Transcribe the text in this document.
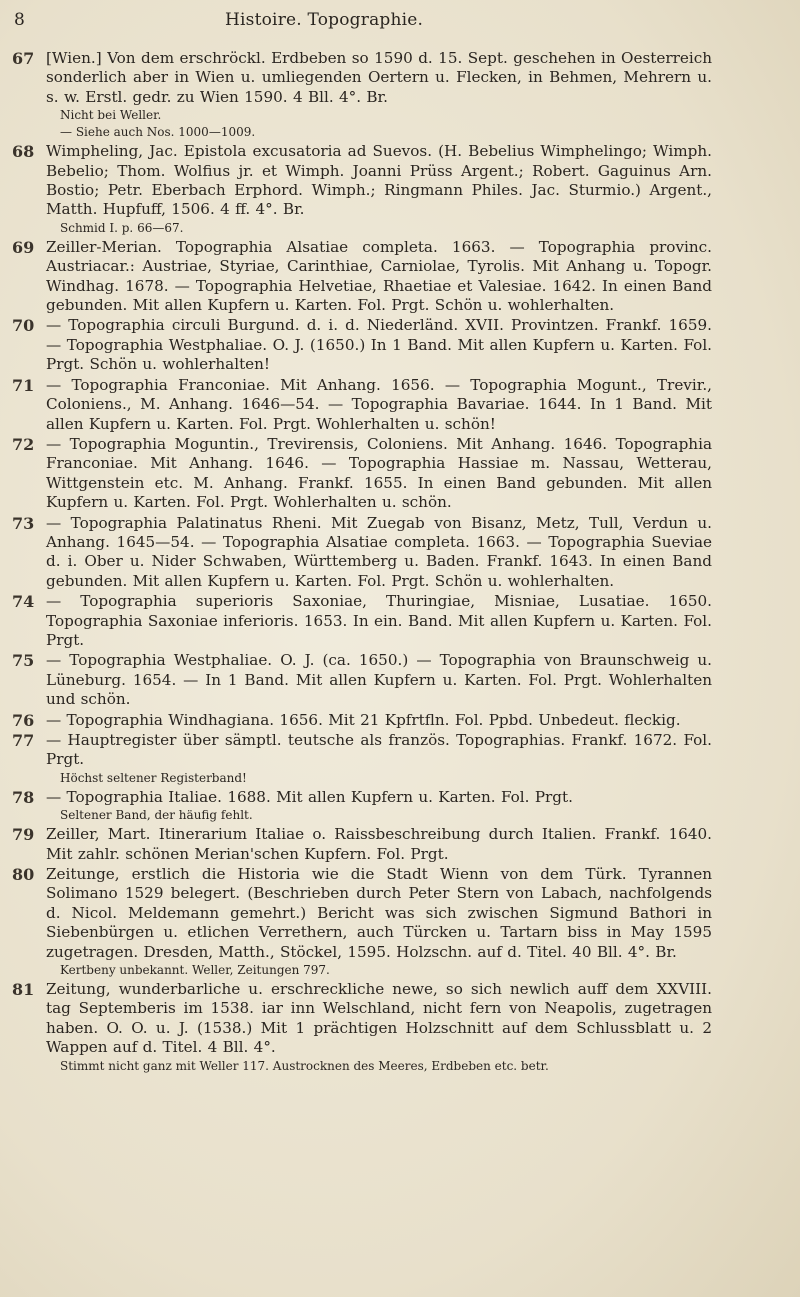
8	Histoire. Topographie.
67 [Wien.] Von dem erschröckl. Erdbeben so 1590 d. 15. Sept. geschehen in Oesterreich sonderlich aber in Wien u. umliegenden Oertern u. Flecken, in Behmen, Mehrern u. s. w. Erstl. gedr. zu Wien 1590. 4 Bll. 4°. Br.

Nicht bei Weller.
— Siehe auch Nos. 1000—1009.
68 Wimpheling, Jac. Epistola excusatoria ad Suevos. (H. Bebelius Wimphelingo; Wimph. Bebelio; Thom. Wolfius jr. et Wimph. Joanni Prüss Argent.; Robert. Gaguinus Arn. Bostio; Petr. Eberbach Erphord. Wimph.; Ringmann Philes. Jac. Sturmio.) Argent., Matth. Hupfuff, 1506. 4 ff. 4°. Br.

Schmid I. p. 66—67.
69 Zeiller-Merian. Topographia Alsatiae completa. 1663. — Topographia provinc. Austriacar.: Austriae, Styriae, Carinthiae, Carniolae, Tyrolis. Mit Anhang u. Topogr. Windhag. 1678. — Topographia Helvetiae, Rhaetiae et Valesiae. 1642. In einen Band gebunden. Mit allen Kupfern u. Karten. Fol. Prgt. Schön u. wohlerhalten.

70 — Topographia circuli Burgund. d. i. d. Niederländ. XVII. Provintzen. Frankf. 1659. — Topographia Westphaliae. O. J. (1650.) In 1 Band. Mit allen Kupfern u. Karten. Fol. Prgt. Schön u. wohlerhalten!

71 — Topographia Franconiae. Mit Anhang. 1656. — Topographia Mogunt., Trevir., Coloniens., M. Anhang. 1646—54. — Topographia Bavariae. 1644. In 1 Band. Mit allen Kupfern u. Karten. Fol. Prgt. Wohlerhalten u. schön!

72 — Topographia Moguntin., Trevirensis, Coloniens. Mit Anhang. 1646. Topographia Franconiae. Mit Anhang. 1646. — Topographia Hassiae m. Nassau, Wetterau, Wittgenstein etc. M. Anhang. Frankf. 1655. In einen Band gebunden. Mit allen Kupfern u. Karten. Fol. Prgt. Wohlerhalten u. schön.

73 — Topographia Palatinatus Rheni. Mit Zuegab von Bisanz, Metz, Tull, Verdun u. Anhang. 1645—54. — Topographia Alsatiae completa. 1663. — Topographia Sueviae d. i. Ober u. Nider Schwaben, Württemberg u. Baden. Frankf. 1643. In einen Band gebunden. Mit allen Kupfern u. Karten. Fol. Prgt. Schön u. wohlerhalten.

74 — Topographia superioris Saxoniae, Thuringiae, Misniae, Lusatiae. 1650. Topographia Saxoniae inferioris. 1653. In ein. Band. Mit allen Kupfern u. Karten. Fol. Prgt.

75 — Topographia Westphaliae. O. J. (ca. 1650.) — Topographia von Braunschweig u. Lüneburg. 1654. — In 1 Band. Mit allen Kupfern u. Karten. Fol. Prgt. Wohlerhalten und schön.

76 — Topographia Windhagiana. 1656. Mit 21 Kpfrtfln. Fol. Ppbd. Unbedeut. fleckig.

77 — Hauptregister über sämptl. teutsche als französ. Topographias. Frankf. 1672. Fol. Prgt.

Höchst seltener Registerband!
78 — Topographia Italiae. 1688. Mit allen Kupfern u. Karten. Fol. Prgt.

Seltener Band, der häufig fehlt.
79 Zeiller, Mart. Itinerarium Italiae o. Raissbeschreibung durch Italien. Frankf. 1640. Mit zahlr. schönen Merian'schen Kupfern. Fol. Prgt.

80 Zeitunge, erstlich die Historia wie die Stadt Wienn von dem Türk. Tyrannen Solimano 1529 belegert. (Beschrieben durch Peter Stern von Labach, nachfolgends d. Nicol. Meldemann gemehrt.) Bericht was sich zwischen Sigmund Bathori in Siebenbürgen u. etlichen Verrethern, auch Türcken u. Tartarn biss in May 1595 zugetragen. Dresden, Matth., Stöckel, 1595. Holzschn. auf d. Titel. 40 Bll. 4°. Br.

Kertbeny unbekannt. Weller, Zeitungen 797.
81 Zeitung, wunderbarliche u. erschreckliche newe, so sich newlich auff dem XXVIII. tag Septemberis im 1538. iar inn Welschland, nicht fern von Neapolis, zugetragen haben. O. O. u. J. (1538.) Mit 1 prächtigen Holzschnitt auf dem Schlussblatt u. 2 Wappen auf d. Titel. 4 Bll. 4°.

Stimmt nicht ganz mit Weller 117. Austrocknen des Meeres, Erdbeben etc. betr.
